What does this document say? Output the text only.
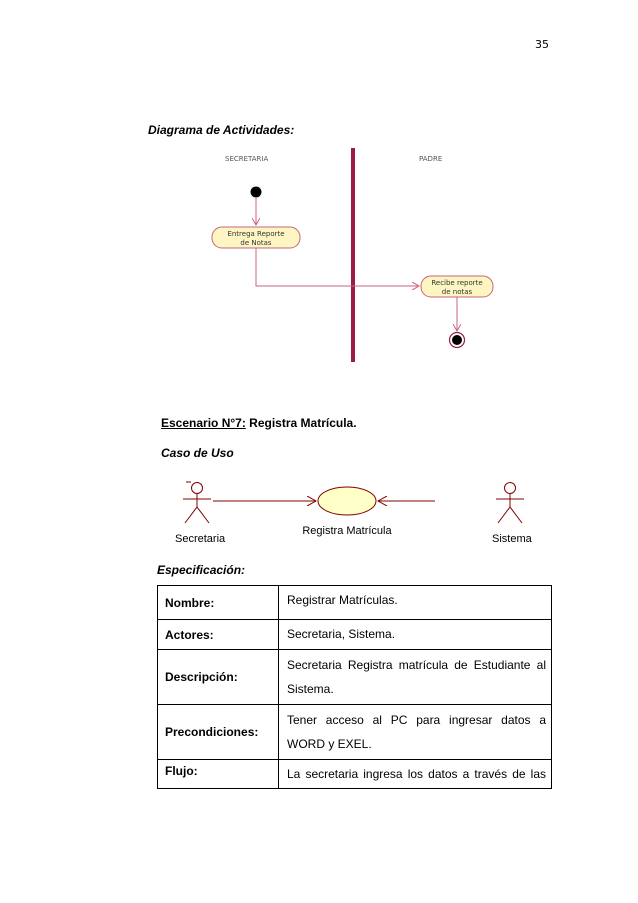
35
Diagrama de Actividades:
SECRETARIA	PADRE
Entrega Reporte
de Notas
Recibe reporte
de notas
Escenario N°7: Registra Matrícula.
Caso de Uso
Secretaria
Registra Matrícula
Sistema
Especificación:
Nombre:	Registrar Matrículas.
Actores:	Secretaria, Sistema.
Descripción:	Secretaria Registra matrícula de Estudiante al Sistema.
Precondiciones:	Tener acceso al PC para ingresar datos a WORD y EXEL.
Flujo:	La secretaria ingresa los datos a través de las
